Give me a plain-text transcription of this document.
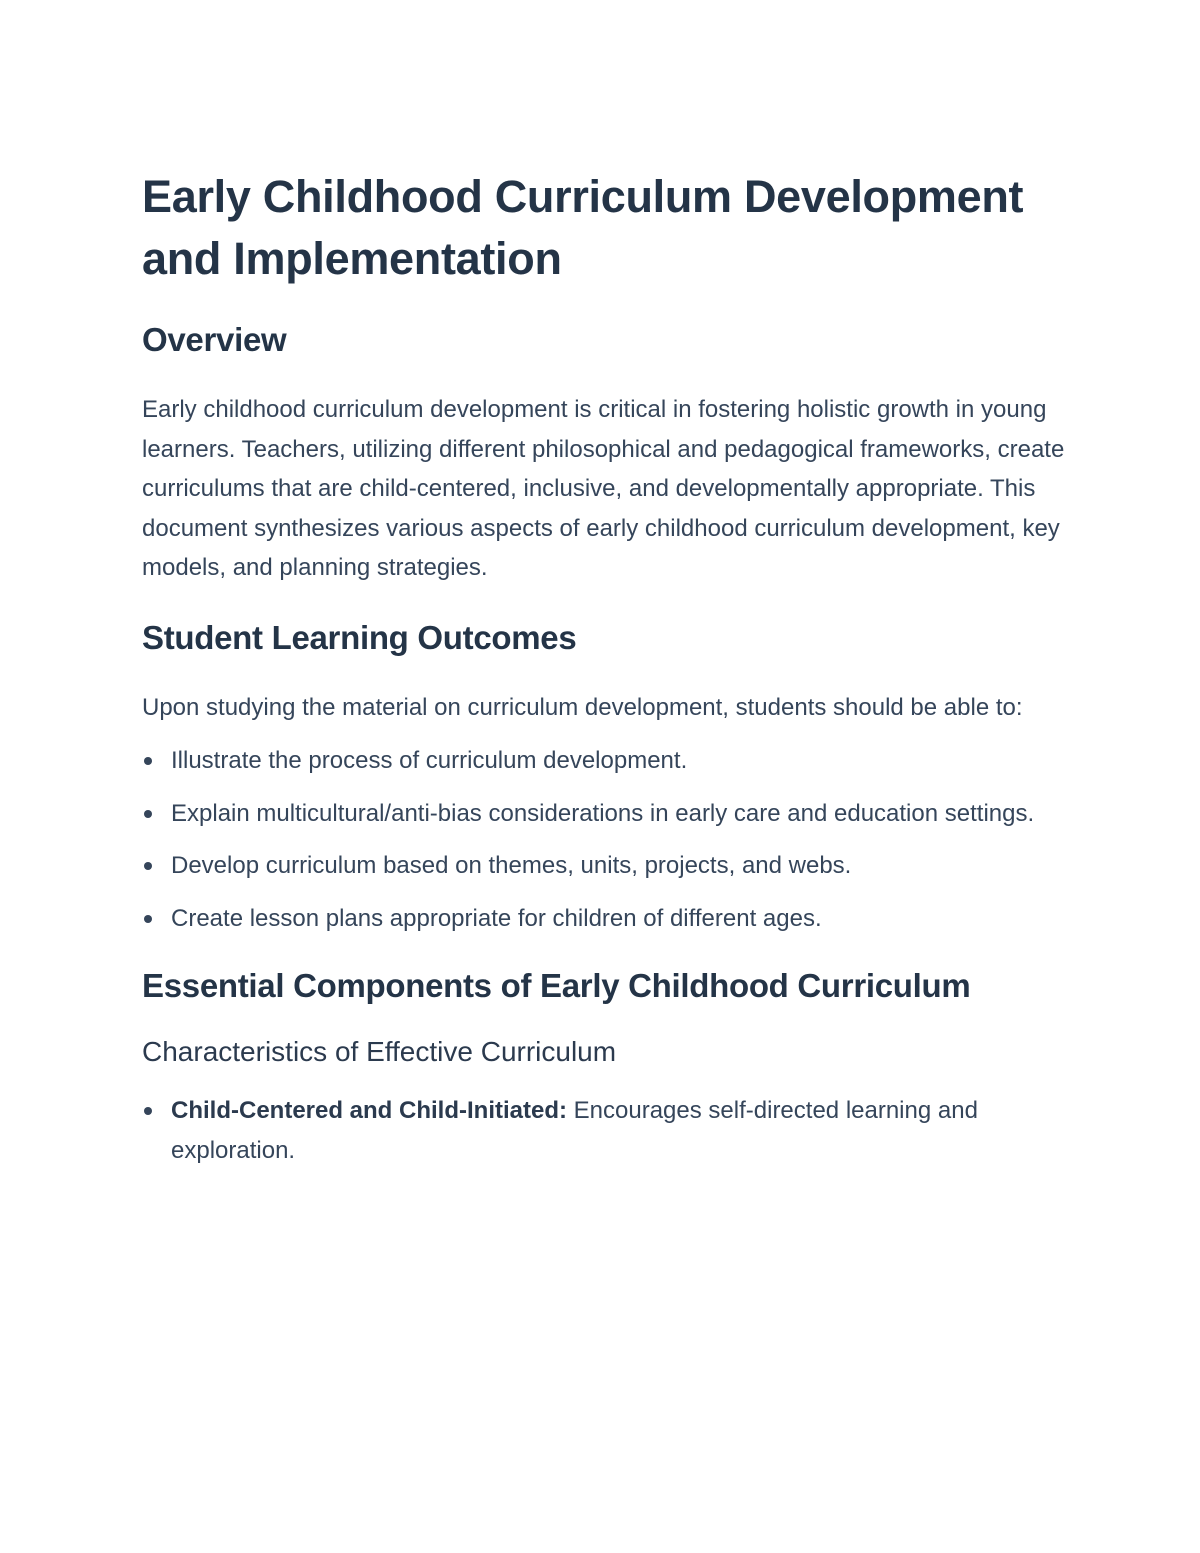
Early Childhood Curriculum Development and Implementation
Overview

Early childhood curriculum development is critical in fostering holistic growth in young learners. Teachers, utilizing different philosophical and pedagogical frameworks, create curriculums that are child-centered, inclusive, and developmentally appropriate. This document synthesizes various aspects of early childhood curriculum development, key models, and planning strategies.

Student Learning Outcomes

Upon studying the material on curriculum development, students should be able to:

Illustrate the process of curriculum development.
Explain multicultural/anti-bias considerations in early care and education settings.
Develop curriculum based on themes, units, projects, and webs.
Create lesson plans appropriate for children of different ages.
Essential Components of Early Childhood Curriculum
Characteristics of Effective Curriculum
Child-Centered and Child-Initiated: Encourages self-directed learning and exploration.
